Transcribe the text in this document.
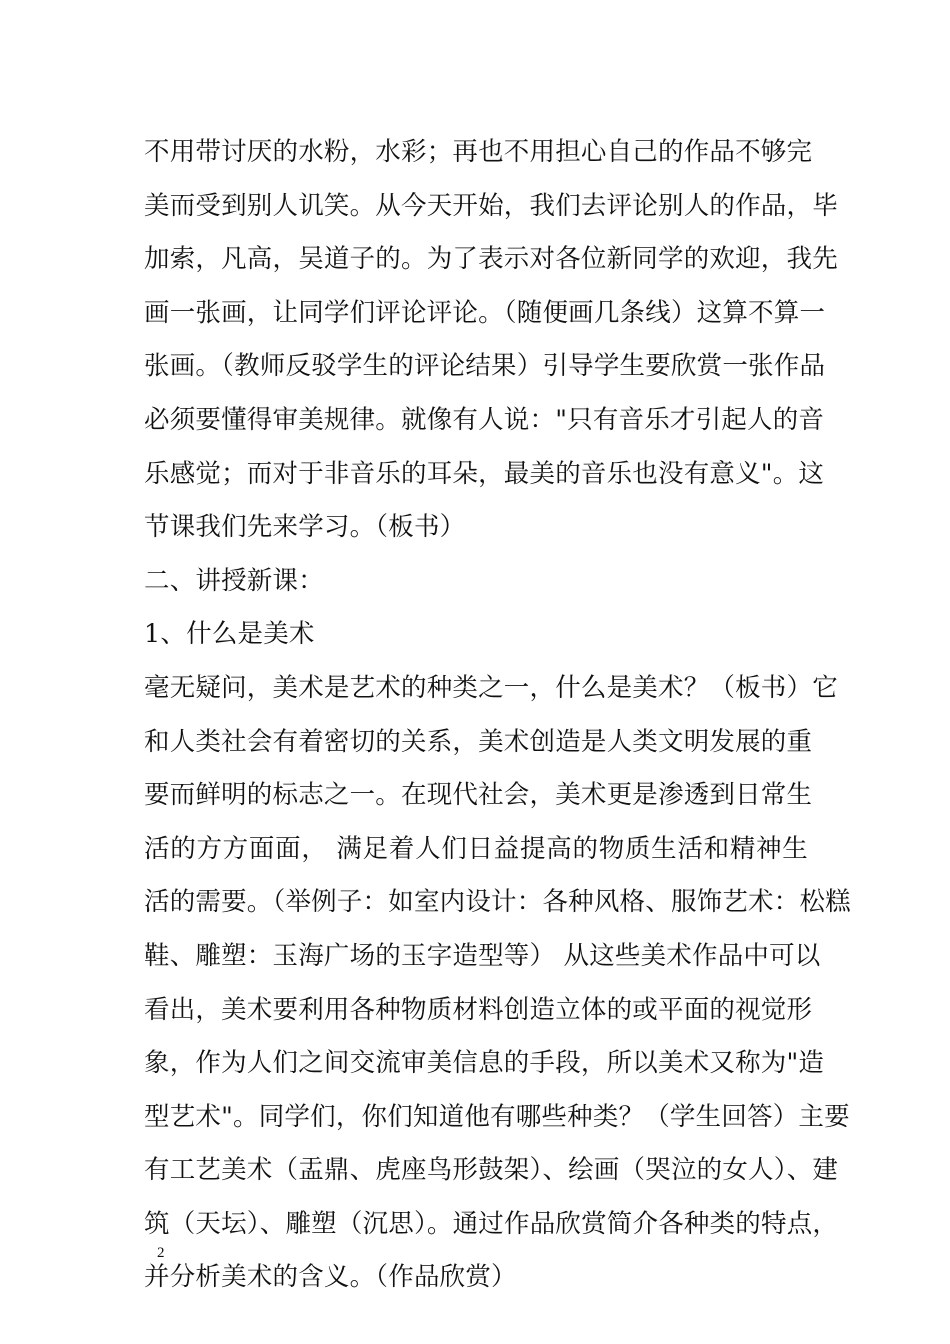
不用带讨厌的水粉，水彩；再也不用担心自己的作品不够完
美而受到别人讥笑。从今天开始，我们去评论别人的作品，毕
加索，凡高，吴道子的。为了表示对各位新同学的欢迎，我先
画一张画，让同学们评论评论。（随便画几条线）这算不算一
张画。（教师反驳学生的评论结果）引导学生要欣赏一张作品
必须要懂得审美规律。就像有人说："只有音乐才引起人的音
乐感觉；而对于非音乐的耳朵，最美的音乐也没有意义"。这
节课我们先来学习。（板书）
二、讲授新课：
1、什么是美术
毫无疑问，美术是艺术的种类之一，什么是美术？（板书）它
和人类社会有着密切的关系，美术创造是人类文明发展的重
要而鲜明的标志之一。在现代社会，美术更是渗透到日常生
活的方方面面， 满足着人们日益提高的物质生活和精神生
活的需要。（举例子：如室内设计：各种风格、服饰艺术：松糕
鞋、雕塑：玉海广场的玉字造型等） 从这些美术作品中可以
看出，美术要利用各种物质材料创造立体的或平面的视觉形
象，作为人们之间交流审美信息的手段，所以美术又称为"造
型艺术"。同学们，你们知道他有哪些种类？（学生回答）主要
有工艺美术（盂鼎、虎座鸟形鼓架）、绘画（哭泣的女人）、建
筑（天坛）、雕塑（沉思）。通过作品欣赏简介各种类的特点，
并分析美术的含义。（作品欣赏）
2
